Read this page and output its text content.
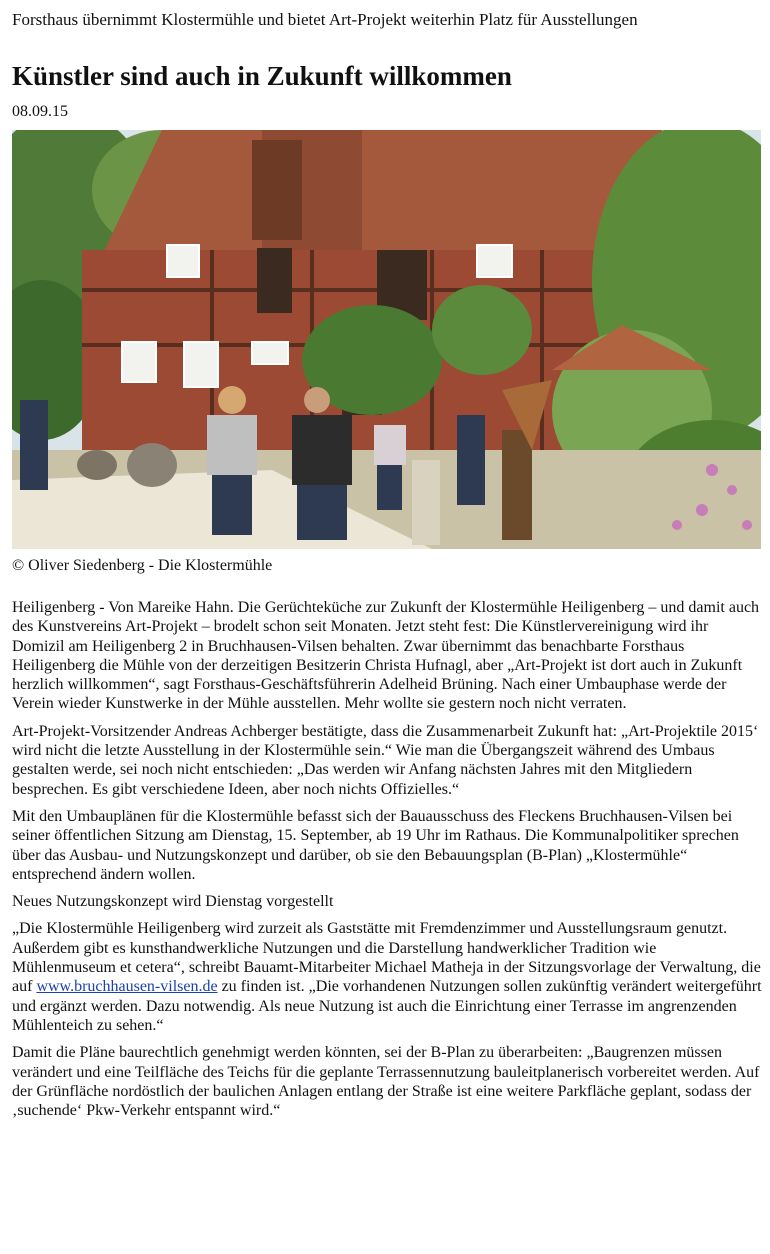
Forsthaus übernimmt Klostermühle und bietet Art-Projekt weiterhin Platz für Ausstellungen
Künstler sind auch in Zukunft willkommen
08.09.15
© Oliver Siedenberg - Die Klostermühle

Heiligenberg - Von Mareike Hahn. Die Gerüchteküche zur Zukunft der Klostermühle Heiligenberg – und damit auch des Kunstvereins Art-Projekt – brodelt schon seit Monaten. Jetzt steht fest: Die Künstlervereinigung wird ihr Domizil am Heiligenberg 2 in Bruchhausen-Vilsen behalten. Zwar übernimmt das benachbarte Forsthaus Heiligenberg die Mühle von der derzeitigen Besitzerin Christa Hufnagl, aber „Art-Projekt ist dort auch in Zukunft herzlich willkommen“, sagt Forsthaus-Geschäftsführerin Adelheid Brüning. Nach einer Umbauphase werde der Verein wieder Kunstwerke in der Mühle ausstellen. Mehr wollte sie gestern noch nicht verraten.

Art-Projekt-Vorsitzender Andreas Achberger bestätigte, dass die Zusammenarbeit Zukunft hat: „Art-Projektile 2015‘ wird nicht die letzte Ausstellung in der Klostermühle sein.“ Wie man die Übergangszeit während des Umbaus gestalten werde, sei noch nicht entschieden: „Das werden wir Anfang nächsten Jahres mit den Mitgliedern besprechen. Es gibt verschiedene Ideen, aber noch nichts Offizielles.“

Mit den Umbauplänen für die Klostermühle befasst sich der Bauausschuss des Fleckens Bruchhausen-Vilsen bei seiner öffentlichen Sitzung am Dienstag, 15. September, ab 19 Uhr im Rathaus. Die Kommunalpolitiker sprechen über das Ausbau- und Nutzungskonzept und darüber, ob sie den Bebauungsplan (B-Plan) „Klostermühle“ entsprechend ändern wollen.

Neues Nutzungskonzept wird Dienstag vorgestellt

„Die Klostermühle Heiligenberg wird zurzeit als Gaststätte mit Fremdenzimmer und Ausstellungsraum genutzt. Außerdem gibt es kunsthandwerkliche Nutzungen und die Darstellung handwerklicher Tradition wie Mühlenmuseum et cetera“, schreibt Bauamt-Mitarbeiter Michael Matheja in der Sitzungsvorlage der Verwaltung, die auf www.bruchhausen-vilsen.de zu finden ist. „Die vorhandenen Nutzungen sollen zukünftig verändert weitergeführt und ergänzt werden. Dazu notwendig. Als neue Nutzung ist auch die Einrichtung einer Terrasse im angrenzenden Mühlenteich zu sehen.“

Damit die Pläne baurechtlich genehmigt werden könnten, sei der B-Plan zu überarbeiten: „Baugrenzen müssen verändert und eine Teilfläche des Teichs für die geplante Terrassennutzung bauleitplanerisch vorbereitet werden. Auf der Grünfläche nordöstlich der baulichen Anlagen entlang der Straße ist eine weitere Parkfläche geplant, sodass der ‚suchende‘ Pkw-Verkehr entspannt wird.“
